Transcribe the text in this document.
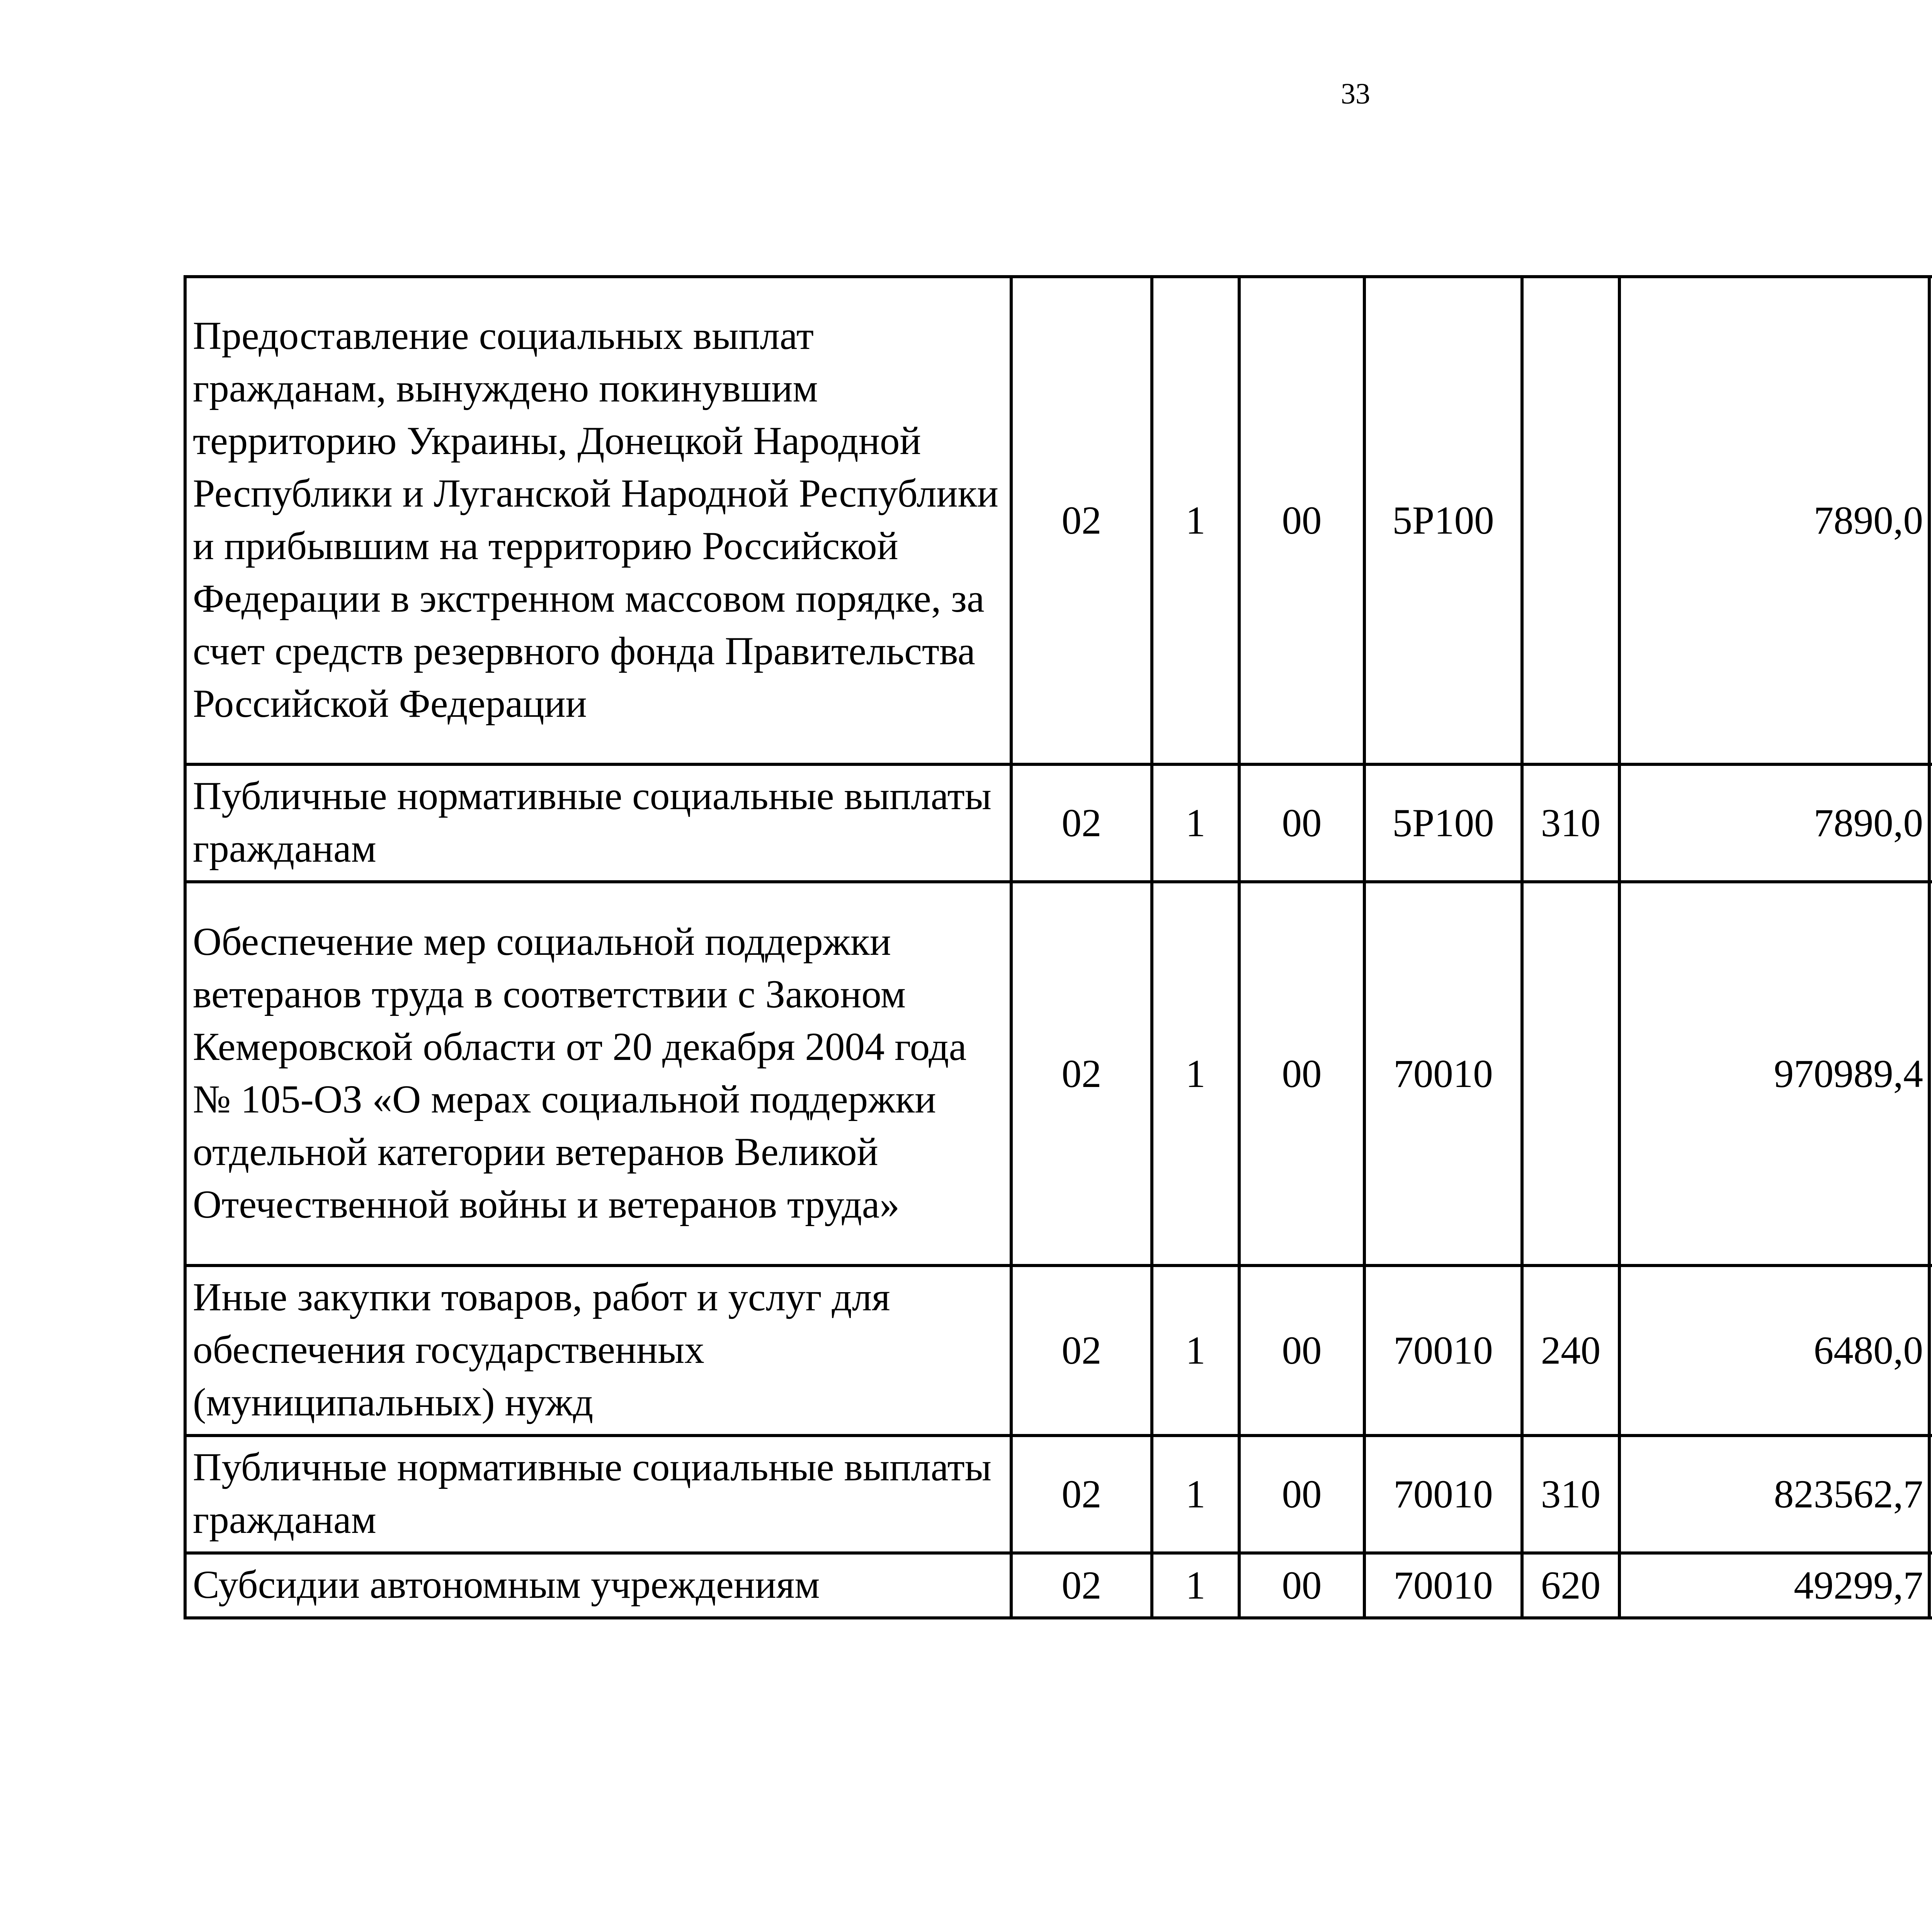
33
Предоставление социальных выплат гражданам, вынуждено покинувшим территорию Украины, Донецкой Народной Республики и Луганской Народной Республики и прибывшим на территорию Российской Федерации в экстренном массовом порядке, за счет средств резервного фонда Правительства Российской Федерации	02	1	00	5Р100		7890,0		
Публичные нормативные социальные выплаты гражданам	02	1	00	5Р100	310	7890,0		
Обеспечение мер социальной поддержки ветеранов труда в соответствии с Законом Кемеровской области от 20 декабря 2004 года № 105-ОЗ «О мерах социальной поддержки отдельной категории ветеранов Великой Отечественной войны и ветеранов труда»	02	1	00	70010		970989,4		
Иные закупки товаров, работ и услуг для обеспечения государственных (муниципальных) нужд	02	1	00	70010	240	6480,0		
Публичные нормативные социальные выплаты гражданам	02	1	00	70010	310	823562,7		
Субсидии автономным учреждениям	02	1	00	70010	620	49299,7		
